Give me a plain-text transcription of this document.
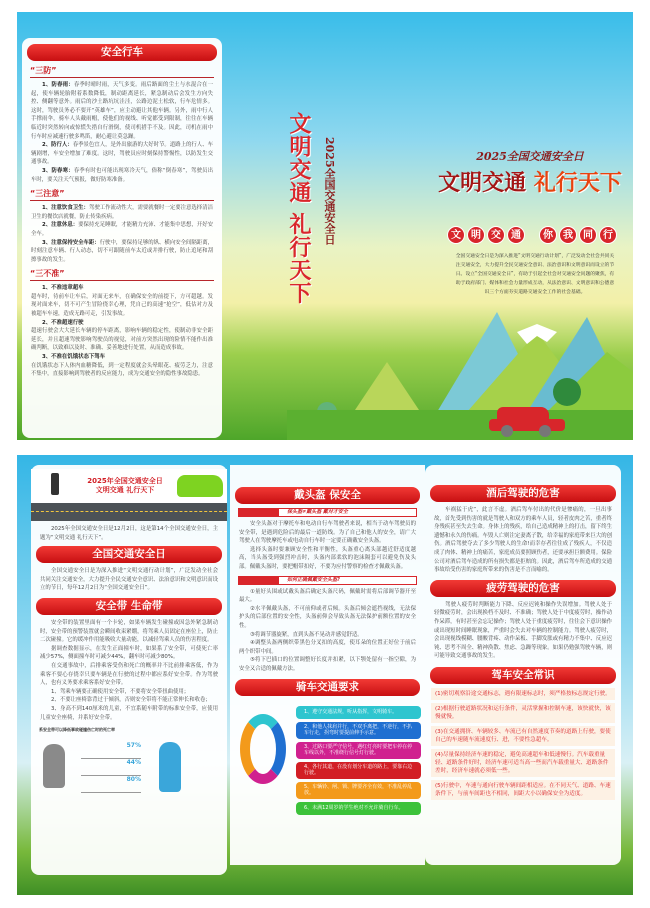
安全行车
“三防”

1、防春雨：春季时晴时雨，天气多变。雨后路面的尘土与水混合在一起，使车辆轮胎附着系数降低，制动距离延长，紧急制动后会发生方向失控、侧翻等意外。雨后的沙土路坑坑洼洼，公路边泥土松软，行车危情多。这时，驾驶员务必不要开“英雄车”，应主动避让其他车辆。另外，雨中行人手撑雨伞，骑车人头戴雨帽，使他们的视线、听觉都受到限制，往往在车辆临近时突然转向或惊慌失措自行滑倒，使司机措手不及。因此，司机在雨中行车时应减速行驶多鸣笛，耐心避让莫急躁。

2、防行人：春季景色宜人，是外出旅游的大好时节。道路上的行人、车辆剧增，车安全增加了难度。这时，驾驶员应时刻保持警惕性，以防发生交通事故。

3、防春寒：春季有时也可能出现寒冷天气，俗称“倒春寒”，驾驶员出车时，要关注天气预报，做好防寒准备。

“三注意”

1、注意饮食卫生：驾驶工作流动性大，需要就餐时一定要注意选择清洁卫生的餐饮店就餐，防止传染疾病。

2、注意休息：要保持充足睡眠，才能精力充沛、才能集中思想，开好安全车。

3、注意保持安全车距：行驶中，要保持足够的纵、横向安全间隔距离，时刻注意车辆、行人动态，切不可跟随前车太近或并排行驶，防止追尾和刮擦事故的发生。

“三不准”

1、不准违章超车
超车时，待前车让车后，对面无来车，在确保安全的前提下，方可超越。发现对面来车，切不可产生冒险侥幸心理，凭自己的高速“抢空”，低估对方及被超车车速，造成无路可走，引发事故。

2、不准超速行驶
超速行驶会大大延长车辆的停车距离，影响车辆的稳定性，使制动非安全距延长，并且超速驾驶影响驾驶员的视觉，对前方突然出现的险情不能作出准确判断，以致难以及时、准确、妥善地进行处置，从而造成事故。

3、不准在饥饿状态下驾车
在饥饿状态下人体内血糖降低，到一定程度就会头晕眼花、疲劳乏力，注意不集中，直接影响到驾驶者的反应能力，成为交通安全的隐性事故隐患。

文明交通 礼行天下 2025全国交通安全日	2025全国交通安全日
文明交通 礼行天下
文	明	交	通	你	我	同	行
全国交通安全日是为深入推进“文明交通行动计划”，广泛发动全社会共同关注交通安全，大力提升全民交通安全意识、法治意识和文明意识而设立的节日。设立“全国交通安全日”，有助于引起全社会对交通安全问题的聚焦，有助于政府部门、媒体和社会力量形成互动，从法治意识、文明意识和公德意识三个方面夯实道路交通安全工作的社会基础。
2025年全国交通安全日
文明交通 礼行天下

2025年全国交通安全日是12月2日，这是第14个全国交通安全日，主题为“文明交通 礼行天下”。

全国交通安全日

全国交通安全日是为深入推进“文明交通行动计划”，广泛发动全社会共同关注交通安全，大力提升全民交通安全意识、法治意识和文明意识而设立的节日，每年12月2日为“全国交通安全日”。

安全带 生命带

安全带的装置里面有一个卡轮，如果车辆发生碰撞或因急外紧急制动时，安全带的预警装置就会瞬间收束紧绷，将驾乘人员固定在座位上，防止二次碰撞。它的缓冲作用能吸收大量动能，以减轻驾乘人员的伤害程度。

据调查数据显示，在发生正面撞车时，如果系了安全带，可使死亡率减少57%，侧面撞车时可减少44%，翻车时可减少80%。

在交通事故中，后排乘客受伤和死亡的概率并不比前排乘客低，作为乘客不要心存侥幸只要车辆是在行驶的过程中都应系好安全带。作为驾驶人，也有义务要求乘客系好安全带。

1、驾乘车辆要正确使用安全带，不要将安全带扭曲使用；

2、不要让座椅靠背过于倾斜，否则安全带将不能正常伸长和收卷；

3、身高不到140厘米的儿童，不宜系随车附带的标准安全带，应使用儿童安全座椅，并系好安全带。

系安全带可以降低事故碰撞伤亡时的死亡率
57%
44%
80%
戴头盔 保安全
保头盔≠戴头盔 戴对才安全

安全头盔对于摩托车和电动自行车驾驶者来说，相当于动车驾驶员的安全带，是遇到危险后的最后一道防线。为了自己和他人的安全，请广大驾驶人在驾驶摩托车或电动自行车时一定要正确戴安全头盔。

选择头盔时要兼顾安全性和平衡性，头盔重心离头部越近舒适度越高，当头盔受到强烈冲击时，头盔内部柔软的泡沫隔套可以避免伤及头部。佩戴头盔时，要把帽带扣好，不要为应付警察的检查才佩戴头盔。

如何正确佩戴安全头盔?

①量好头围或试戴头盔后确定头盔尺码，佩戴时需将后部调节器开至最大。

②水平佩戴头盔，不可前仰或者后倾。头盔后倾会遮挡视线，无法保护头的后部位置的安全性，头盔前仰会导致头盔无法保护前额位置的安全性。

③将调节器旋紧，直到头盔不晃动并感觉舒适。

④调整头盔两侧织带黑色分叉扣的高度，使耳朵的位置正好位于前后两个织带中间。

⑤将下巴插口的位置调整好长度并扣紧，以下颚处留有一指空隙，为安全又合适的佩戴方法。

骑车交通要求
1、遵守交通法规，听从指挥，文明骑车。
2、和他人抹肩并行，不双手离把，不逆行，不扒车行走，拐弯时要提前伸手示意。
3、过路口要严守信号，遇红灯亮时要把车停在停车线以外，不准绕行信号灯行驶。
4、各行其道，在没有划分车道的路上，要靠右边行驶。
5、车辆铃、闸、锁、牌要齐全有效，不准乱停乱放。
6、未满12周岁的学生绝对不允许骑自行车。
酒后驾驶的危害

车祸猛于虎”，此言不虚。酒后驾车付出的代价是惨痛的，一旦出事故，首先受到伤害的就是驾驶人和双方的乘车人员，轻者皮肉之苦，重者终身残疾甚至失去生命。身体上的残疾，给自己造成精神上的打击，留下终生遗憾和永久的伤痛。车毁人亡则注定妻离子散，给幸福的家庭带来巨大的创伤。酒后驾驶夺去了多少驾驶人的生命!而幸存者往往成了残疾人，不仅造成了肉体、精神上的痛苦，家庭成员要照顾伤者，还要承担巨额费用。保险公司对酒后驾车造成的所有损失都是拒赔的。因此，酒后驾车所造成的交通事故给受伤害的家庭所带来的伤害是不言而喻的。

疲劳驾驶的危害

驾驶人疲劳时判断能力下降、反应迟钝和操作失误增加。驾驶人处于轻微疲劳时，会出现换档不及时、不准确；驾驶人处于中度疲劳时，操作动作呆滞，有时甚至会忘记操作；驾驶人处于重度疲劳时，往往会下意识操作或出现短时间睡眠现象，严重时会失去对车辆的控制能力。驾驶人疲劳时，会出现视线模糊、腰酸背疼、动作呆板、手脚发胀或有精力不集中、反应迟钝、思考不周全、精神涣散、焦虑、急躁等现象。如果仍勉强驾驶车辆，则可能导致交通事故的发生。

驾车安全常识
(1)密切观察沿途交通标志，遇有限速标志时，须严格按标志规定行驶。
(2)根据行驶道路状况和运行条件，灵活掌握和控制车速，该快就快，该慢就慢。
(3)在交通拥挤、车辆较多、车流已有自然速度节奏的道路上行驶，要使自己的车速随车流速度行、进，不要性急超车。
(4)尽量保持经济车速的稳定，避免高速超车和低速慢行。汽车载重量轻、道路条件好时，经济车速可适当高一些而汽车载重量大、道路条件差时，经济车速就必须低一些。
(5)行驶中，车速与通向行驶车辆间距相适应。在不同天气、道路、车速条件下，与前车间距也不相同，间距大小以确保安全为适度。
